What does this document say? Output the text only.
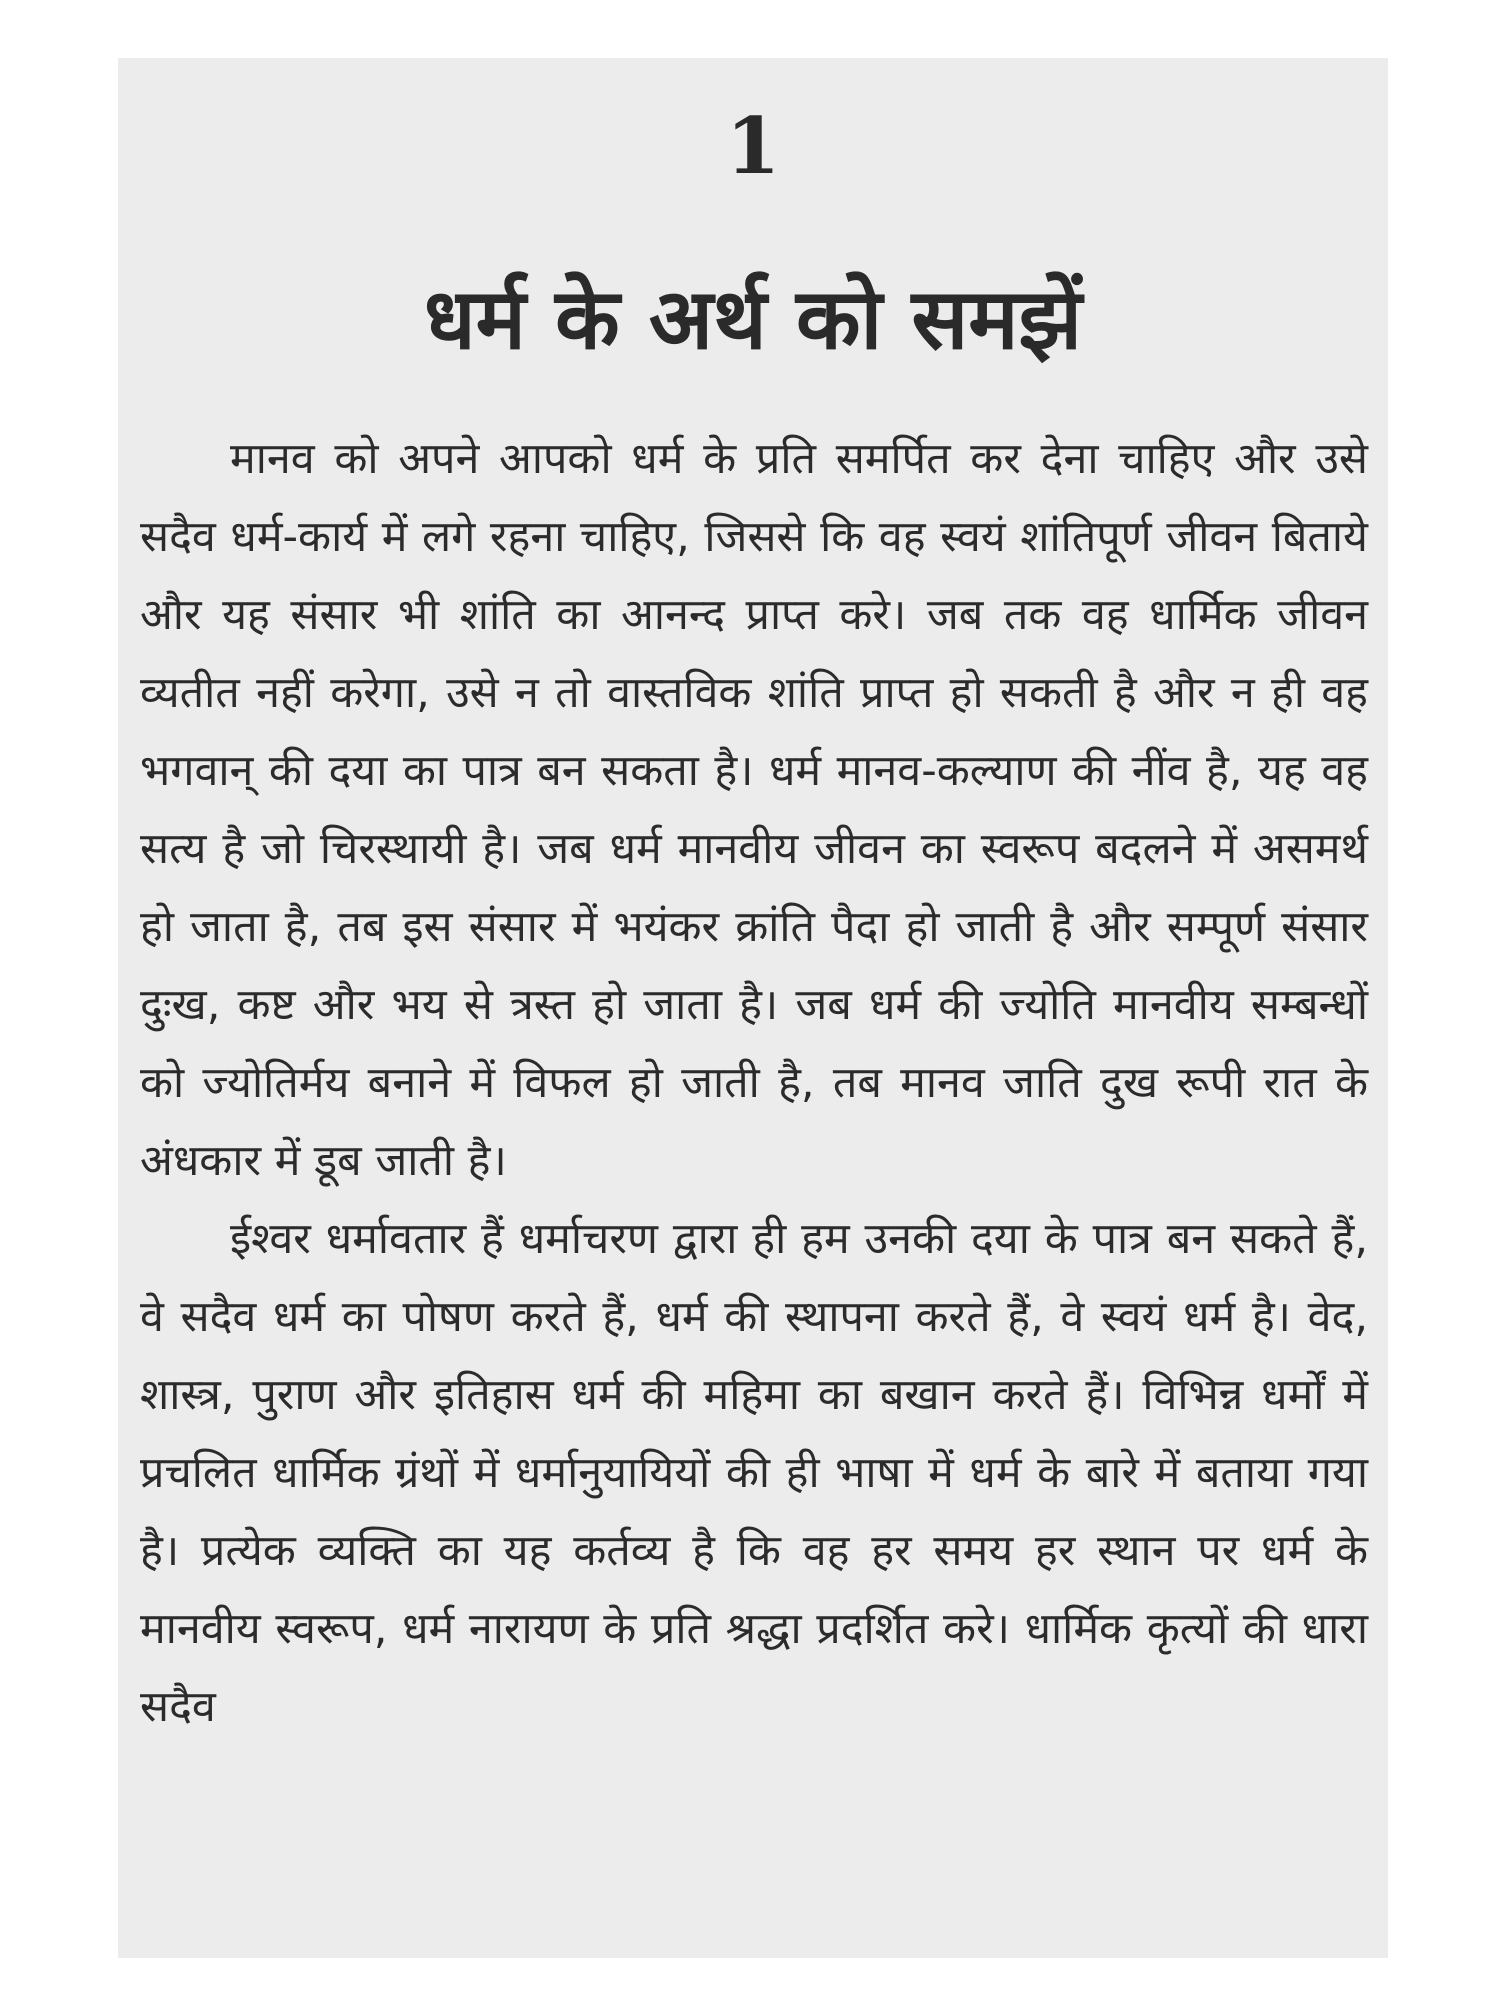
1
धर्म के अर्थ को समझें

मानव को अपने आपको धर्म के प्रति समर्पित कर देना चाहिए और उसे सदैव धर्म-कार्य में लगे रहना चाहिए, जिससे कि वह स्वयं शांतिपूर्ण जीवन बिताये और यह संसार भी शांति का आनन्द प्राप्त करे। जब तक वह धार्मिक जीवन व्यतीत नहीं करेगा, उसे न तो वास्तविक शांति प्राप्त हो सकती है और न ही वह भगवान् की दया का पात्र बन सकता है। धर्म मानव-कल्याण की नींव है, यह वह सत्य है जो चिरस्थायी है। जब धर्म मानवीय जीवन का स्वरूप बदलने में असमर्थ हो जाता है, तब इस संसार में भयंकर क्रांति पैदा हो जाती है और सम्पूर्ण संसार दुःख, कष्ट और भय से त्रस्त हो जाता है। जब धर्म की ज्योति मानवीय सम्बन्धों को ज्योतिर्मय बनाने में विफल हो जाती है, तब मानव जाति दुख रूपी रात के अंधकार में डूब जाती है।

ईश्वर धर्मावतार हैं धर्माचरण द्वारा ही हम उनकी दया के पात्र बन सकते हैं, वे सदैव धर्म का पोषण करते हैं, धर्म की स्थापना करते हैं, वे स्वयं धर्म है। वेद, शास्त्र, पुराण और इतिहास धर्म की महिमा का बखान करते हैं। विभिन्न धर्मों में प्रचलित धार्मिक ग्रंथों में धर्मानुयायियों की ही भाषा में धर्म के बारे में बताया गया है। प्रत्येक व्यक्ति का यह कर्तव्य है कि वह हर समय हर स्थान पर धर्म के मानवीय स्वरूप, धर्म नारायण के प्रति श्रद्धा प्रदर्शित करे। धार्मिक कृत्यों की धारा सदैव
